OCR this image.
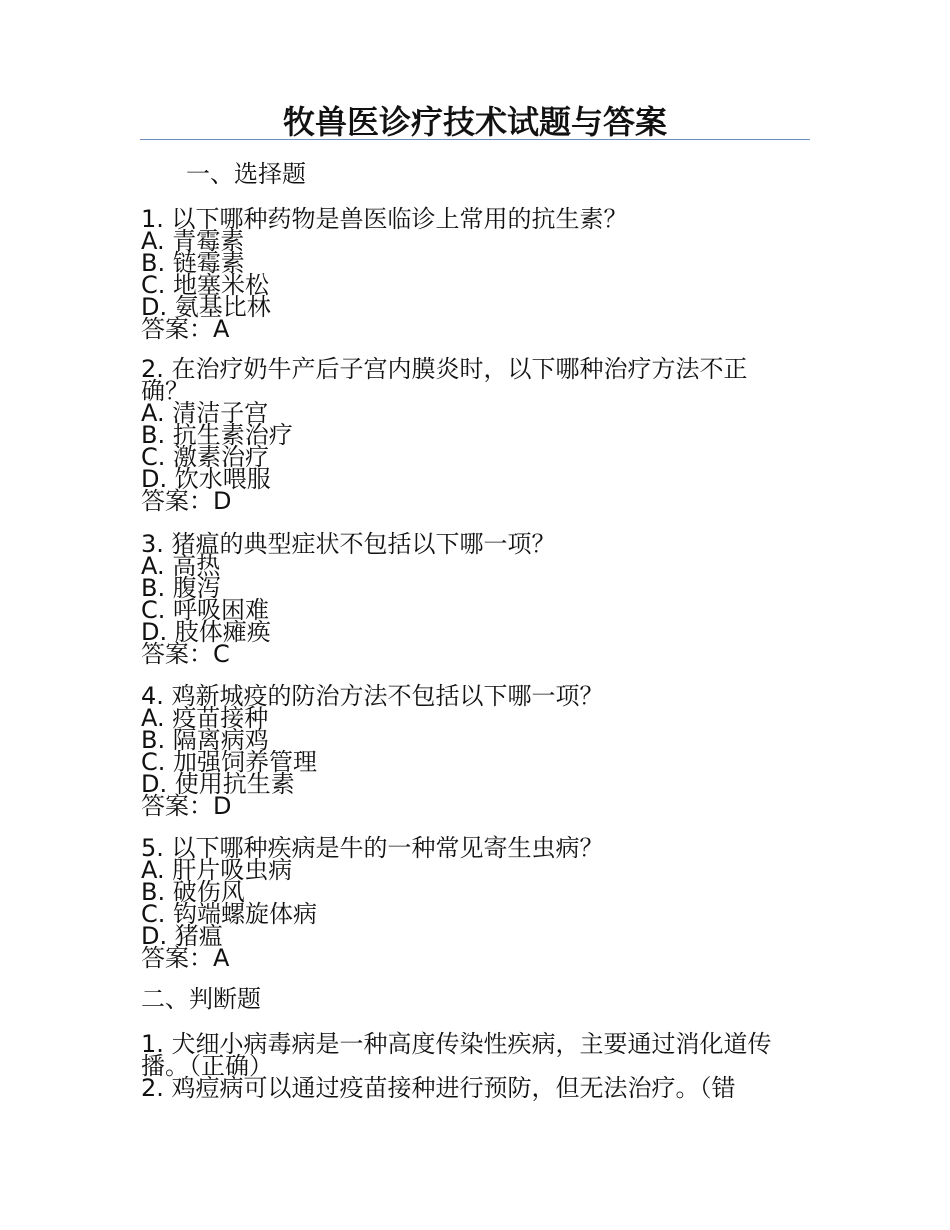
牧兽医诊疗技术试题与答案
一、选择题
1. 以下哪种药物是兽医临诊上常用的抗生素？
A. 青霉素
B. 链霉素
C. 地塞米松
D. 氨基比林
答案：A
2. 在治疗奶牛产后子宫内膜炎时，以下哪种治疗方法不正确？
A. 清洁子宫
B. 抗生素治疗
C. 激素治疗
D. 饮水喂服
答案：D
3. 猪瘟的典型症状不包括以下哪一项？
A. 高热
B. 腹泻
C. 呼吸困难
D. 肢体瘫痪
答案：C
4. 鸡新城疫的防治方法不包括以下哪一项？
A. 疫苗接种
B. 隔离病鸡
C. 加强饲养管理
D. 使用抗生素
答案：D
5. 以下哪种疾病是牛的一种常见寄生虫病？
A. 肝片吸虫病
B. 破伤风
C. 钩端螺旋体病
D. 猪瘟
答案：A
二、判断题
1. 犬细小病毒病是一种高度传染性疾病，主要通过消化道传播。（正确）
2. 鸡痘病可以通过疫苗接种进行预防，但无法治疗。（错
